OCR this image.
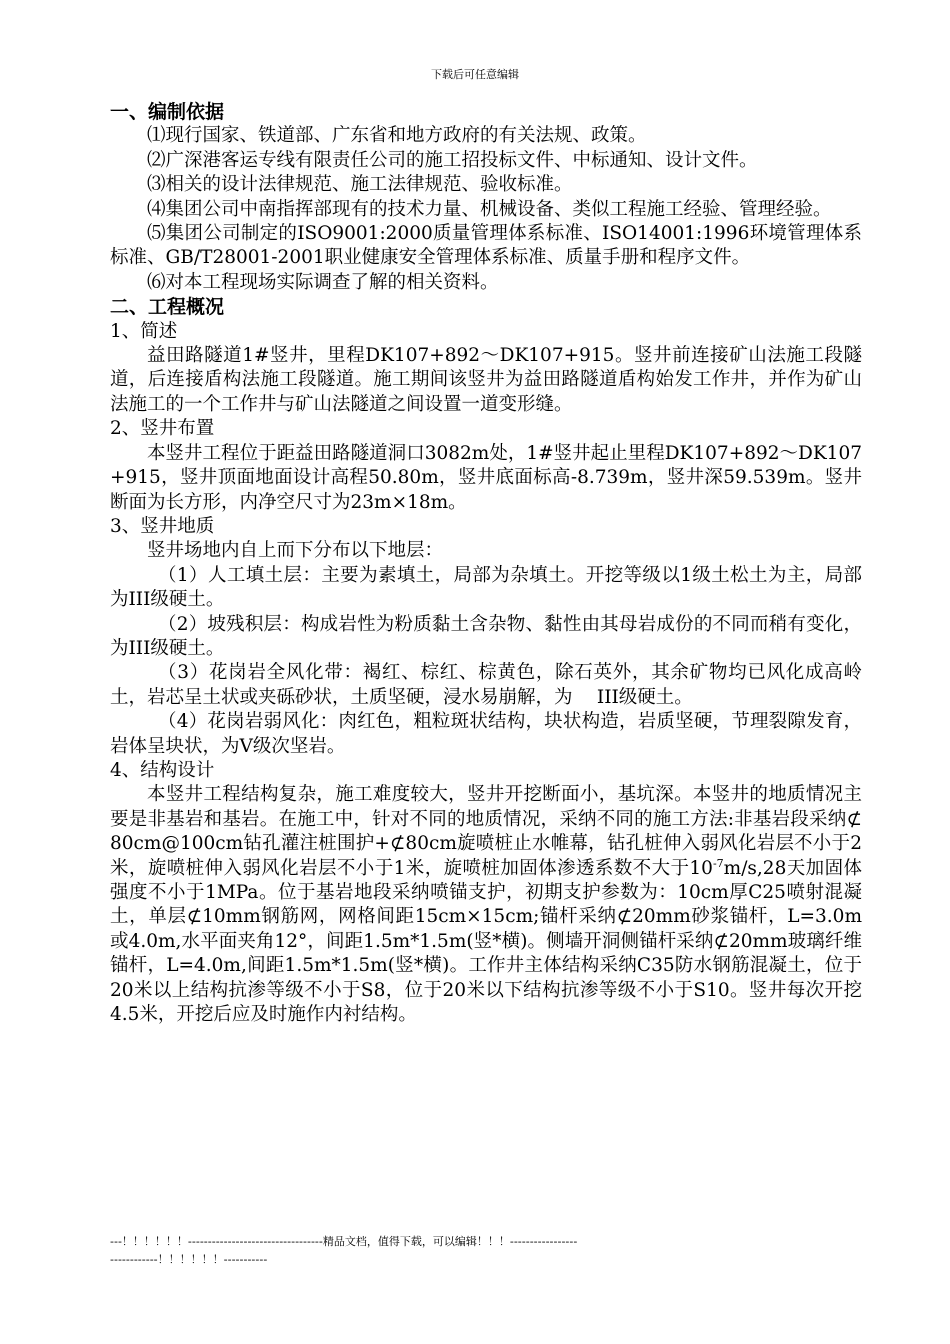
下载后可任意编辑

一、编制依据

⑴现行国家、铁道部、广东省和地方政府的有关法规、政策。

⑵广深港客运专线有限责任公司的施工招投标文件、中标通知、设计文件。

⑶相关的设计法律规范、施工法律规范、验收标准。

⑷集团公司中南指挥部现有的技术力量、机械设备、类似工程施工经验、管理经验。

⑸集团公司制定的ISO9001:2000质量管理体系标准、ISO14001:1996环境管理体系标准、GB/T28001-2001职业健康安全管理体系标准、质量手册和程序文件。

⑹对本工程现场实际调查了解的相关资料。

二、工程概况

1、简述

益田路隧道1#竖井，里程DK107+892～DK107+915。竖井前连接矿山法施工段隧道，后连接盾构法施工段隧道。施工期间该竖井为益田路隧道盾构始发工作井，并作为矿山法施工的一个工作井与矿山法隧道之间设置一道变形缝。

2、竖井布置

本竖井工程位于距益田路隧道洞口3082m处，1#竖井起止里程DK107+892～DK107+915，竖井顶面地面设计高程50.80m，竖井底面标高-8.739m，竖井深59.539m。竖井断面为长方形，内净空尺寸为23m×18m。

3、竖井地质

竖井场地内自上而下分布以下地层：

（1）人工填土层：主要为素填土，局部为杂填土。开挖等级以1级土松土为主，局部为III级硬土。

（2）坡残积层：构成岩性为粉质黏土含杂物、黏性由其母岩成份的不同而稍有变化，为III级硬土。

（3）花岗岩全风化带：褐红、棕红、棕黄色，除石英外，其余矿物均已风化成高岭土，岩芯呈土状或夹砾砂状，土质坚硬，浸水易崩解，为　 III级硬土。

（4）花岗岩弱风化：肉红色，粗粒斑状结构，块状构造，岩质坚硬，节理裂隙发育，岩体呈块状，为Ⅴ级次坚岩。

4、结构设计

本竖井工程结构复杂，施工难度较大，竖井开挖断面小，基坑深。本竖井的地质情况主要是非基岩和基岩。在施工中，针对不同的地质情况，采纳不同的施工方法:非基岩段采纳⊄80cm@100cm钻孔灌注桩围护+⊄80cm旋喷桩止水帷幕，钻孔桩伸入弱风化岩层不小于2米，旋喷桩伸入弱风化岩层不小于1米，旋喷桩加固体渗透系数不大于$10^{-7}m/s,28$天加固体强度不小于1MPa。位于基岩地段采纳喷锚支护，初期支护参数为：10cm厚C25喷射混凝土，单层⊄10mm钢筋网，网格间距15cm×15cm;锚杆采纳⊄20mm砂浆锚杆，L=3.0m或4.0m,水平面夹角12°，间距1.5m*1.5m(竖*横)。侧墙开洞侧锚杆采纳⊄20mm玻璃纤维锚杆，L=4.0m,间距1.5m*1.5m(竖*横)。工作井主体结构采纳C35防水钢筋混凝土，位于20米以上结构抗渗等级不小于S8，位于20米以下结构抗渗等级不小于S10。竖井每次开挖4.5米，开挖后应及时施作内衬结构。

---！！！！！！----------------------------------精品文档，值得下载，可以编辑！！！-----------------------------！！！！！！-----------
